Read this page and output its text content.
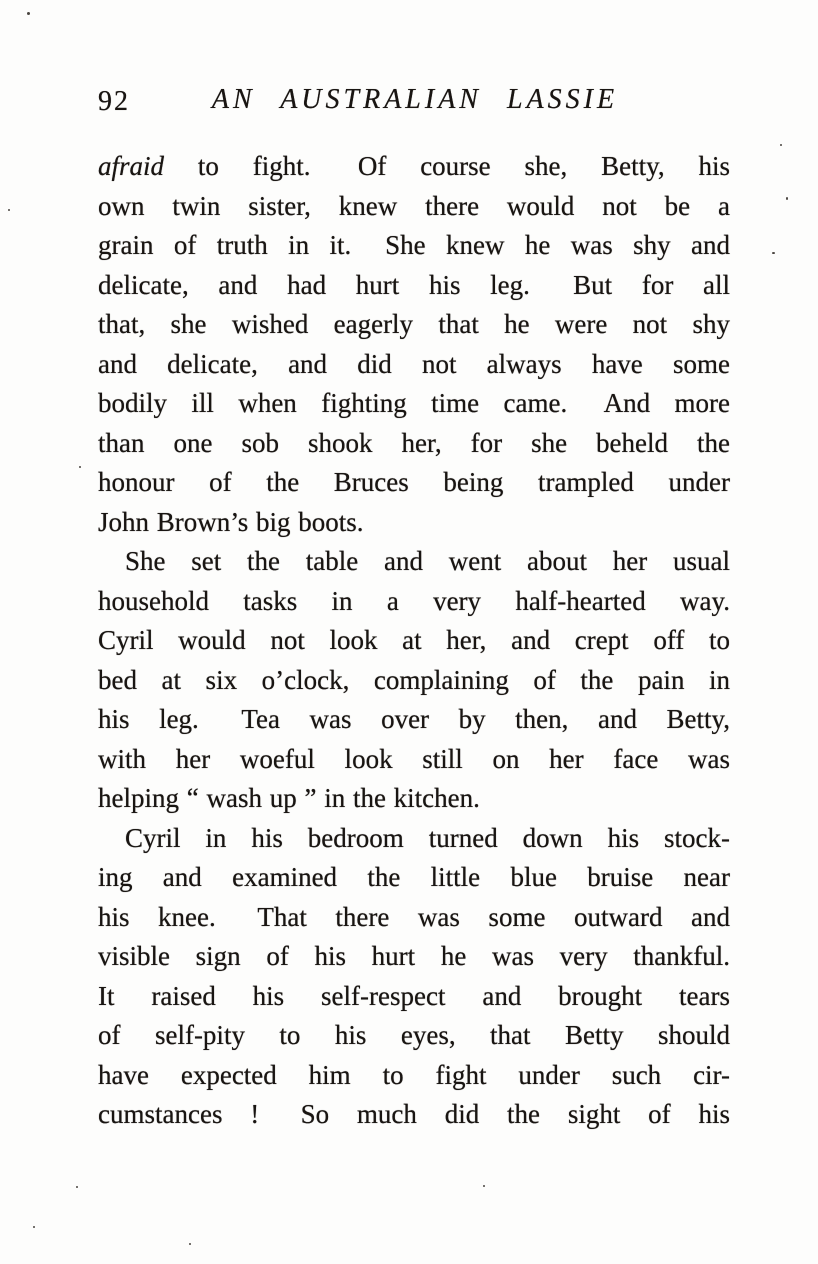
92	AN AUSTRALIAN LASSIE
afraid to fight.  Of course she, Betty, his
own twin sister, knew there would not be a
grain of truth in it.  She knew he was shy and
delicate, and had hurt his leg.  But for all
that, she wished eagerly that he were not shy
and delicate, and did not always have some
bodily ill when fighting time came.  And more
than one sob shook her, for she beheld the
honour of the Bruces being trampled under
John Brown’s big boots.
She set the table and went about her usual
household tasks in a very half-hearted way.
Cyril would not look at her, and crept off to
bed at six o’clock, complaining of the pain in
his leg.  Tea was over by then, and Betty,
with her woeful look still on her face was
helping “ wash up ” in the kitchen.
Cyril in his bedroom turned down his stock-
ing and examined the little blue bruise near
his knee.  That there was some outward and
visible sign of his hurt he was very thankful.
It raised his self-respect and brought tears
of self-pity to his eyes, that Betty should
have expected him to fight under such cir-
cumstances !  So much did the sight of his
